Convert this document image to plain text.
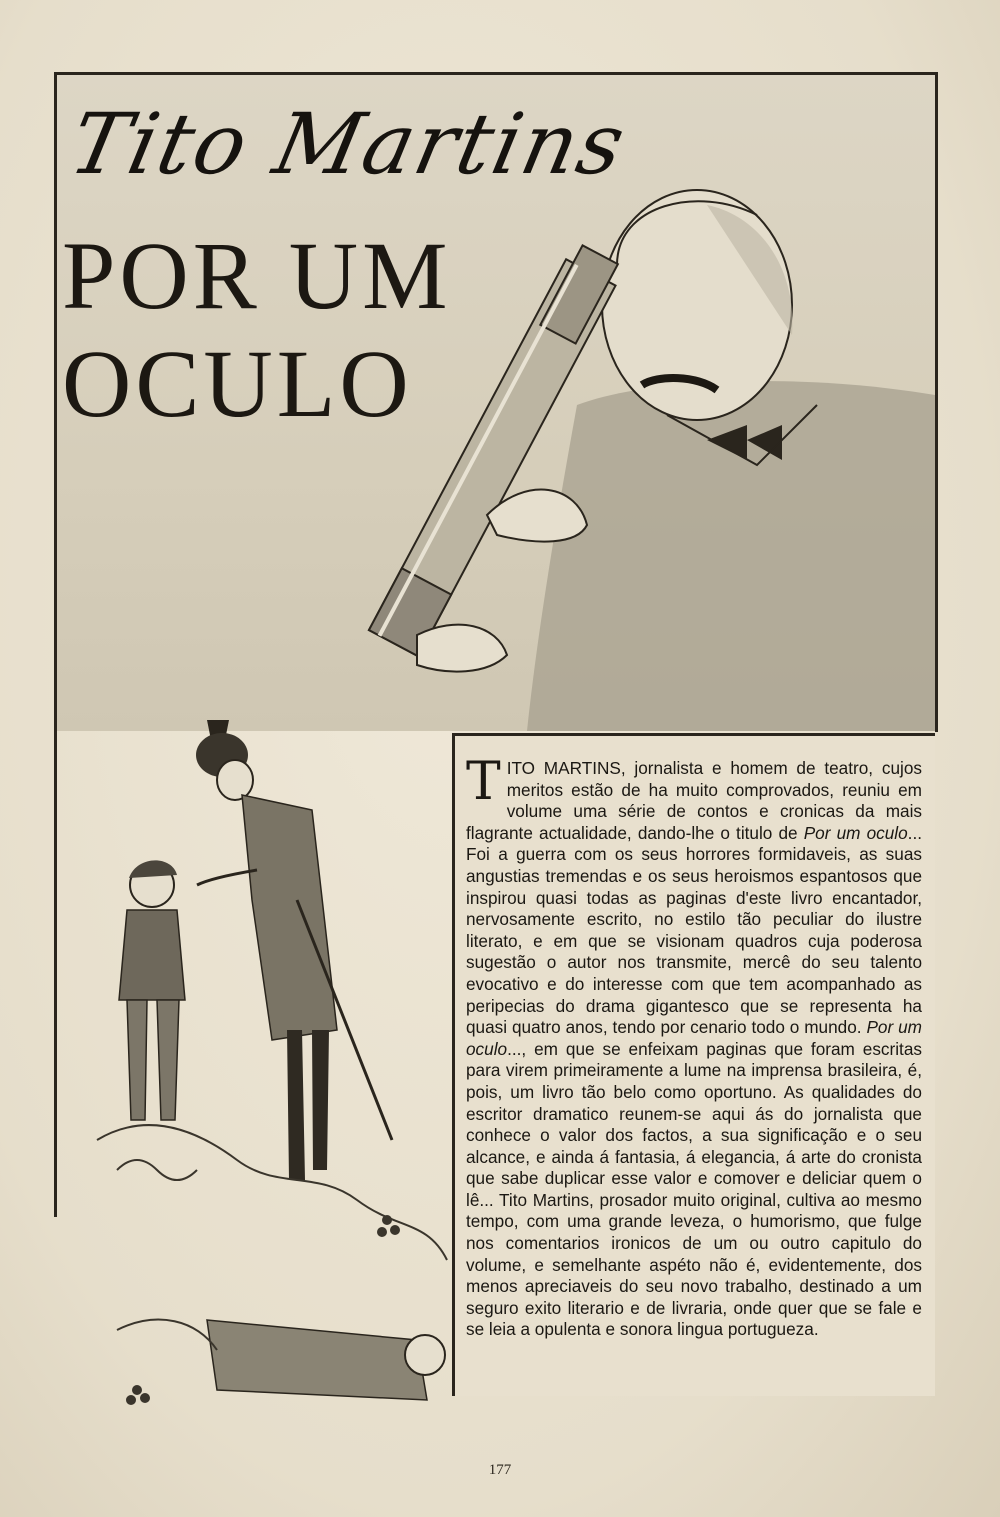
Tito Martins
POR UM
OCULO
TITO MARTINS, jornalista e homem de teatro, cujos meritos estão de ha muito comprovados, reuniu em volume uma série de contos e cronicas da mais flagrante actualidade, dando-lhe o titulo de Por um oculo... Foi a guerra com os seus horrores formidaveis, as suas angustias tremendas e os seus heroismos espantosos que inspirou quasi todas as paginas d'este livro encantador, nervosamente escrito, no estilo tão peculiar do ilustre literato, e em que se visionam quadros cuja poderosa sugestão o autor nos transmite, mercê do seu talento evocativo e do interesse com que tem acompanhado as peripecias do drama gigantesco que se representa ha quasi quatro anos, tendo por cenario todo o mundo. Por um oculo..., em que se enfeixam paginas que foram escritas para virem primeiramente a lume na imprensa brasileira, é, pois, um livro tão belo como oportuno. As qualidades do escritor dramatico reunem-se aqui ás do jornalista que conhece o valor dos factos, a sua significação e o seu alcance, e ainda á fantasia, á elegancia, á arte do cronista que sabe duplicar esse valor e comover e deliciar quem o lê... Tito Martins, prosador muito original, cultiva ao mesmo tempo, com uma grande leveza, o humorismo, que fulge nos comentarios ironicos de um ou outro capitulo do volume, e semelhante aspéto não é, evidentemente, dos menos apreciaveis do seu novo trabalho, destinado a um seguro exito literario e de livraria, onde quer que se fale e se leia a opulenta e sonora lingua portugueza.
177
